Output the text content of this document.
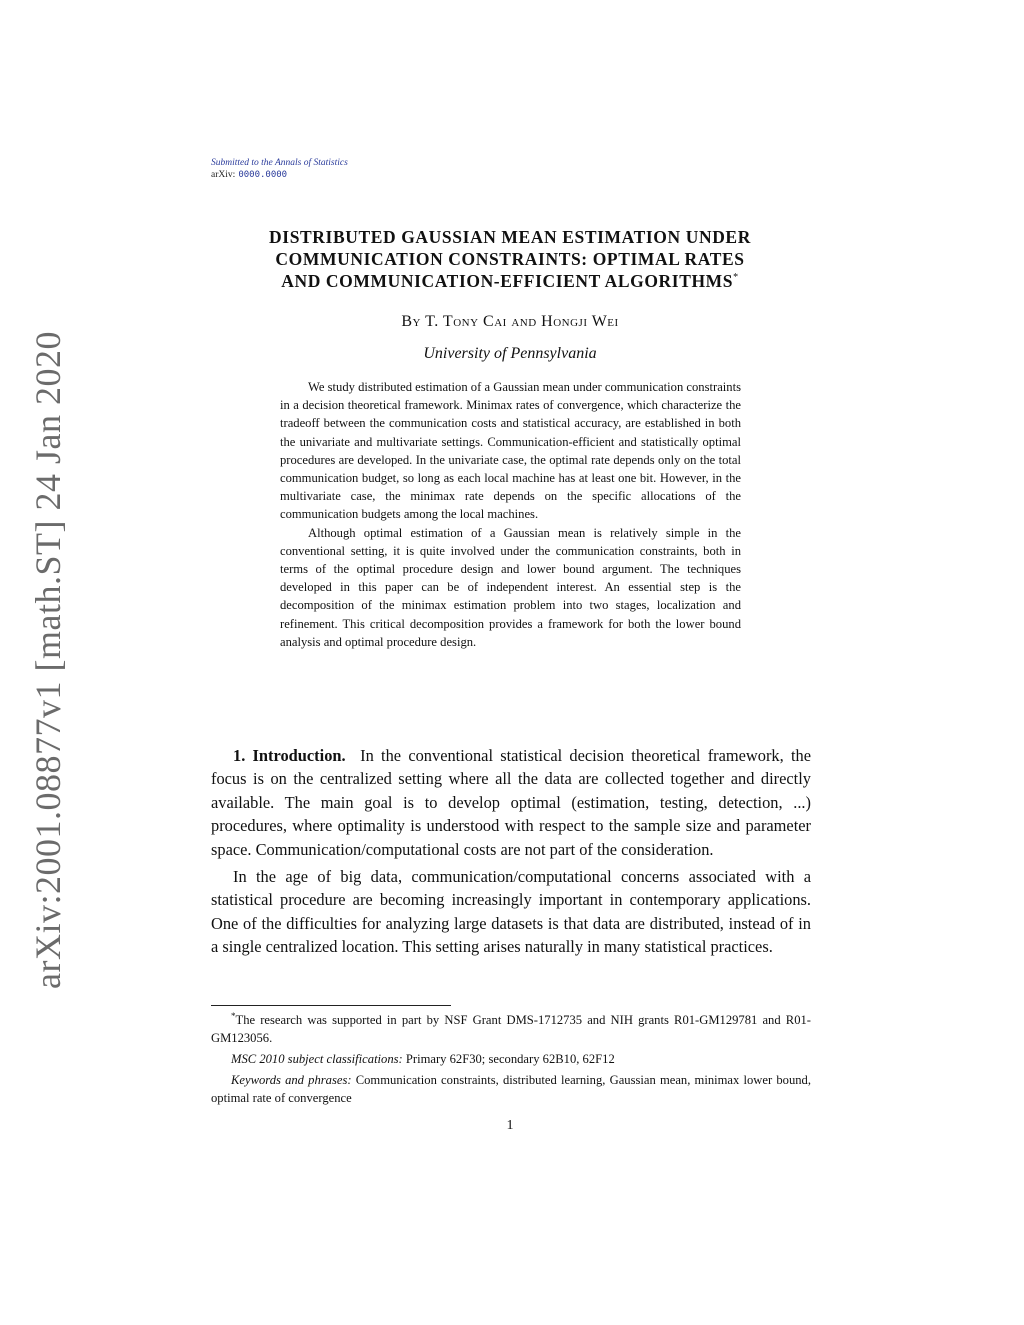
arXiv:2001.08877v1 [math.ST] 24 Jan 2020
Submitted to the Annals of Statistics
arXiv: 0000.0000
DISTRIBUTED GAUSSIAN MEAN ESTIMATION UNDER
COMMUNICATION CONSTRAINTS: OPTIMAL RATES
AND COMMUNICATION-EFFICIENT ALGORITHMS*
By T. Tony Cai and Hongji Wei
University of Pennsylvania

We study distributed estimation of a Gaussian mean under communication constraints in a decision theoretical framework. Minimax rates of convergence, which characterize the tradeoff between the communication costs and statistical accuracy, are established in both the univariate and multivariate settings. Communication-efficient and statistically optimal procedures are developed. In the univariate case, the optimal rate depends only on the total communication budget, so long as each local machine has at least one bit. However, in the multivariate case, the minimax rate depends on the specific allocations of the communication budgets among the local machines.

Although optimal estimation of a Gaussian mean is relatively simple in the conventional setting, it is quite involved under the communication constraints, both in terms of the optimal procedure design and lower bound argument. The techniques developed in this paper can be of independent interest. An essential step is the decomposition of the minimax estimation problem into two stages, localization and refinement. This critical decomposition provides a framework for both the lower bound analysis and optimal procedure design.

1. Introduction. In the conventional statistical decision theoretical framework, the focus is on the centralized setting where all the data are collected together and directly available. The main goal is to develop optimal (estimation, testing, detection, ...) procedures, where optimality is understood with respect to the sample size and parameter space. Communication/computational costs are not part of the consideration.

In the age of big data, communication/computational concerns associated with a statistical procedure are becoming increasingly important in contemporary applications. One of the difficulties for analyzing large datasets is that data are distributed, instead of in a single centralized location. This setting arises naturally in many statistical practices.

*The research was supported in part by NSF Grant DMS-1712735 and NIH grants R01-GM129781 and R01-GM123056.

MSC 2010 subject classifications: Primary 62F30; secondary 62B10, 62F12

Keywords and phrases: Communication constraints, distributed learning, Gaussian mean, minimax lower bound, optimal rate of convergence

1
